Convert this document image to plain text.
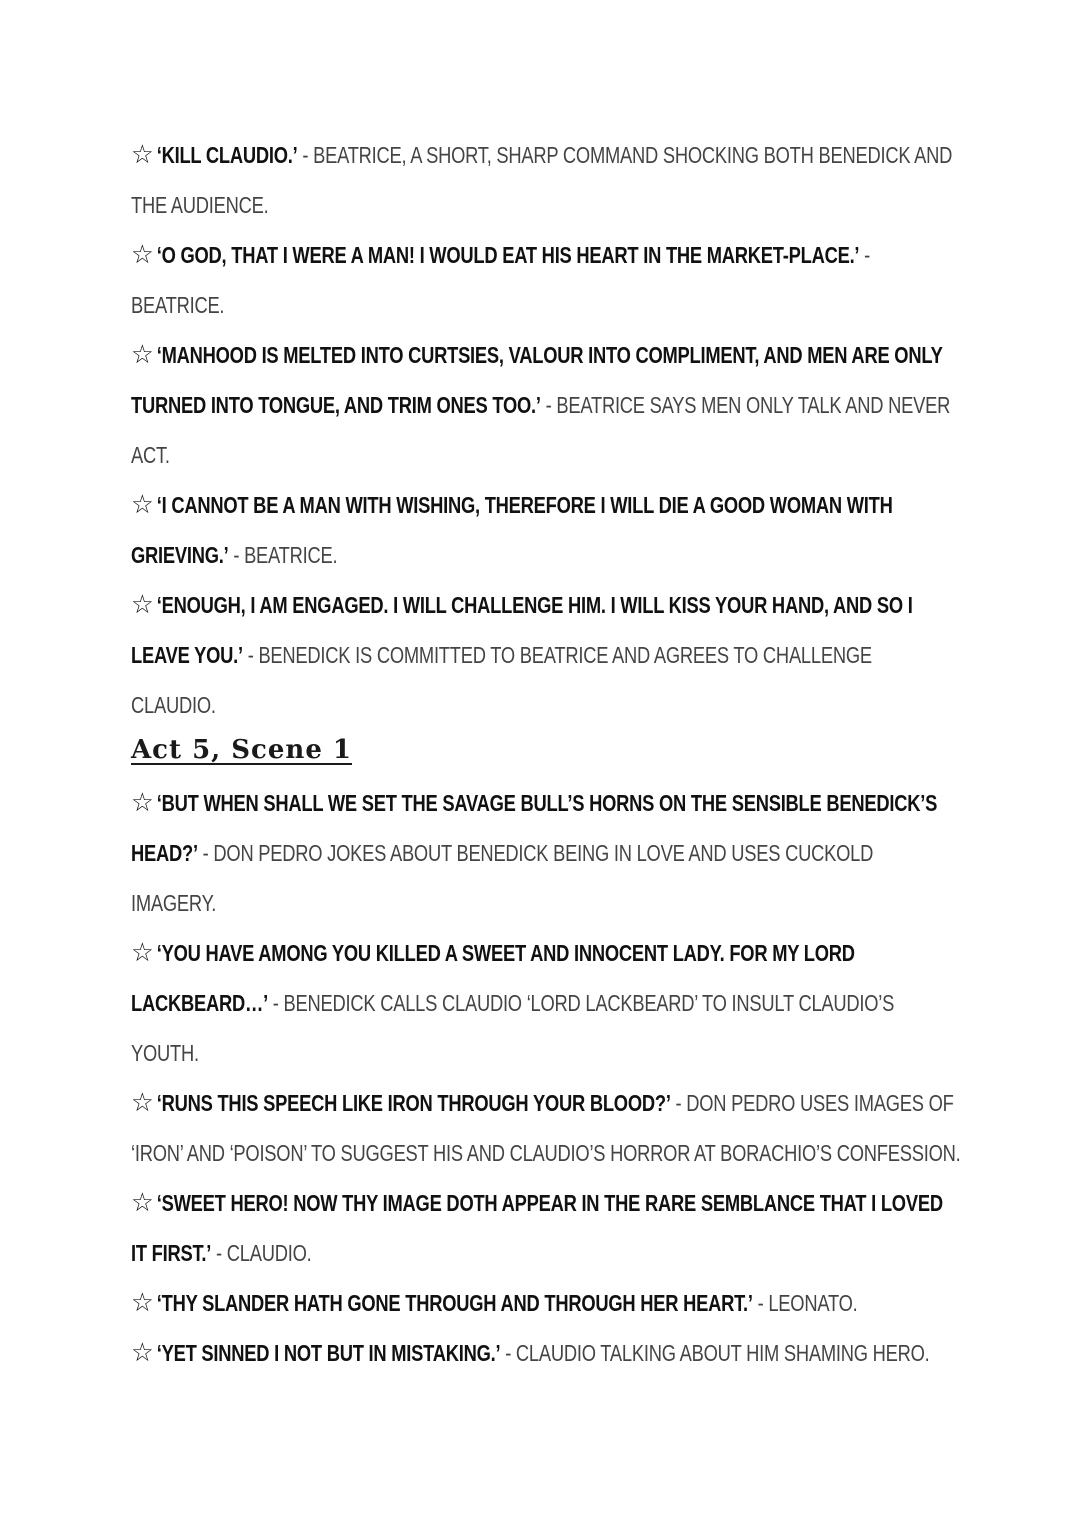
☆ ‘KILL CLAUDIO.’ - BEATRICE, A SHORT, SHARP COMMAND SHOCKING BOTH BENEDICK AND THE AUDIENCE.
☆ ‘O GOD, THAT I WERE A MAN! I WOULD EAT HIS HEART IN THE MARKET-PLACE.’ - BEATRICE.
☆ ‘MANHOOD IS MELTED INTO CURTSIES, VALOUR INTO COMPLIMENT, AND MEN ARE ONLY TURNED INTO TONGUE, AND TRIM ONES TOO.’ - BEATRICE SAYS MEN ONLY TALK AND NEVER ACT.
☆ ‘I CANNOT BE A MAN WITH WISHING, THEREFORE I WILL DIE A GOOD WOMAN WITH GRIEVING.’ - BEATRICE.
☆ ‘ENOUGH, I AM ENGAGED. I WILL CHALLENGE HIM. I WILL KISS YOUR HAND, AND SO I LEAVE YOU.’ - BENEDICK IS COMMITTED TO BEATRICE AND AGREES TO CHALLENGE CLAUDIO.
Act 5, Scene 1
☆ ‘BUT WHEN SHALL WE SET THE SAVAGE BULL’S HORNS ON THE SENSIBLE BENEDICK’S HEAD?’ - DON PEDRO JOKES ABOUT BENEDICK BEING IN LOVE AND USES CUCKOLD IMAGERY.
☆ ‘YOU HAVE AMONG YOU KILLED A SWEET AND INNOCENT LADY. FOR MY LORD LACKBEARD…’ - BENEDICK CALLS CLAUDIO ‘LORD LACKBEARD’ TO INSULT CLAUDIO’S YOUTH.
☆ ‘RUNS THIS SPEECH LIKE IRON THROUGH YOUR BLOOD?’ - DON PEDRO USES IMAGES OF ‘IRON’ AND ‘POISON’ TO SUGGEST HIS AND CLAUDIO’S HORROR AT BORACHIO’S CONFESSION.
☆ ‘SWEET HERO! NOW THY IMAGE DOTH APPEAR IN THE RARE SEMBLANCE THAT I LOVED IT FIRST.’ - CLAUDIO.
☆ ‘THY SLANDER HATH GONE THROUGH AND THROUGH HER HEART.’ - LEONATO.
☆ ‘YET SINNED I NOT BUT IN MISTAKING.’ - CLAUDIO TALKING ABOUT HIM SHAMING HERO.
